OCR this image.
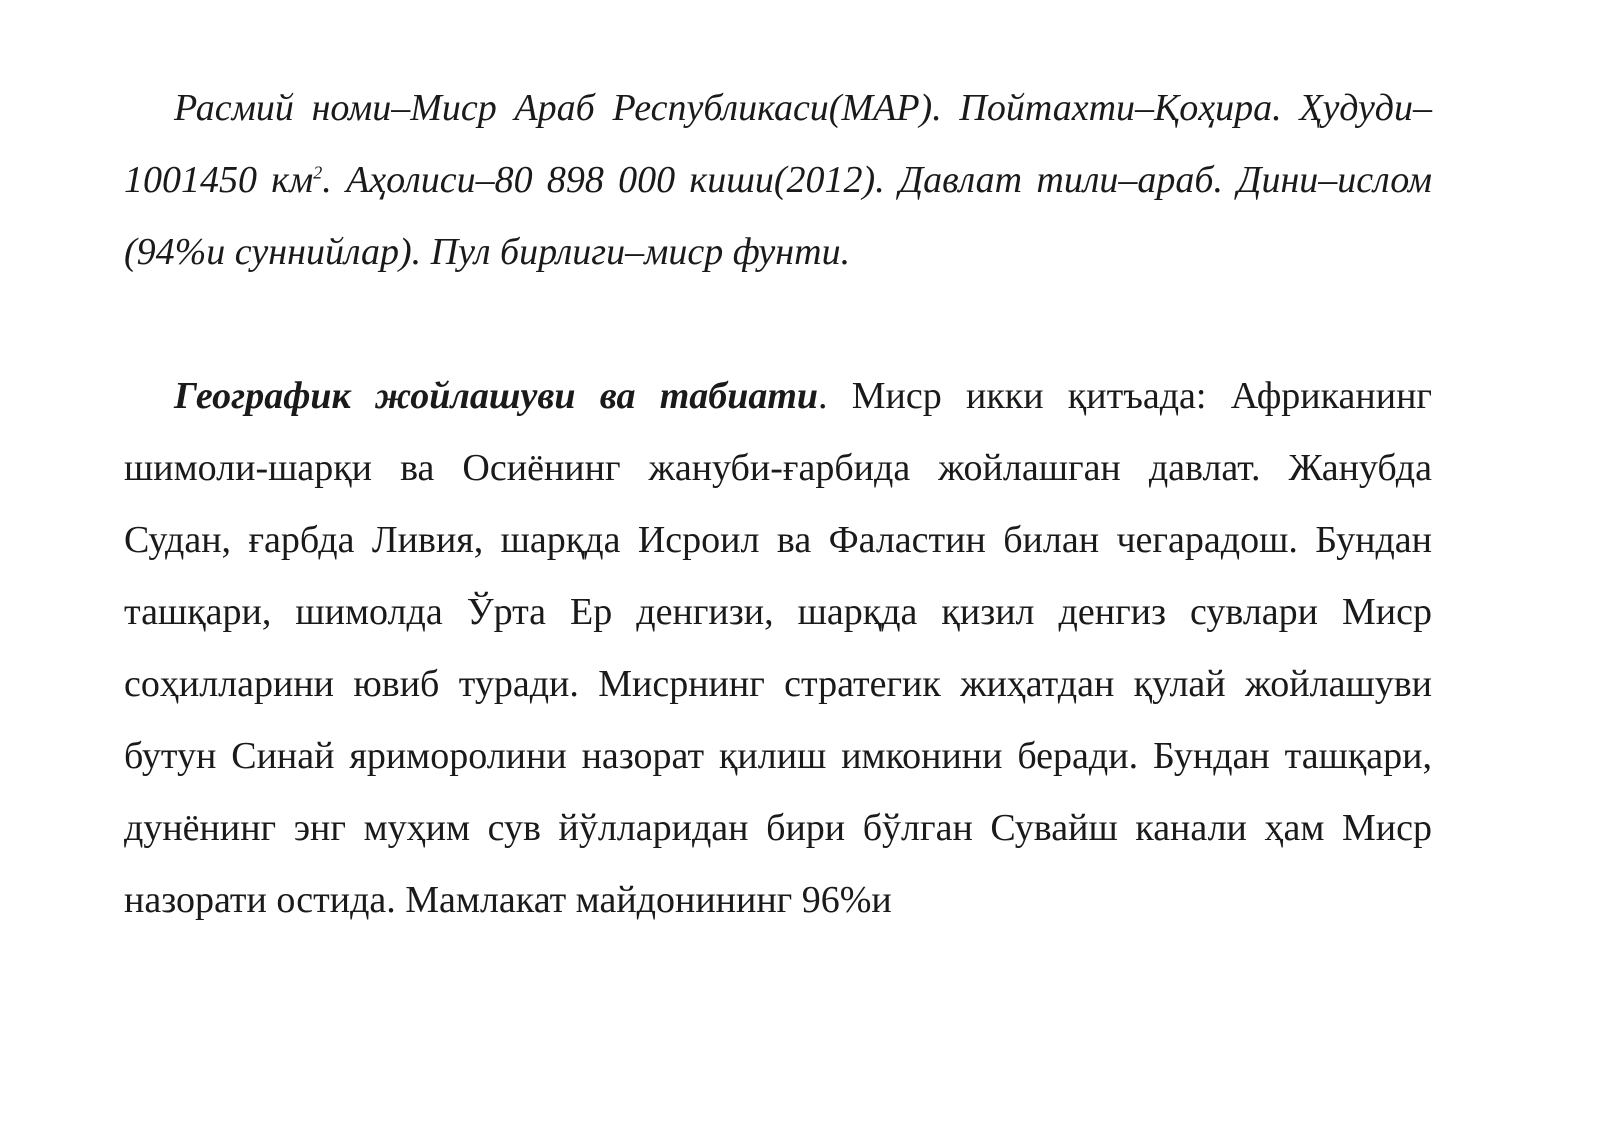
Расмий номи–Миср Араб Республикаси(МАР). Пойтахти–Қоҳира. Ҳудуди–1001450 $км^2$. Аҳолиси–80 898 000 киши(2012). Давлат тили–араб. Дини–ислом (94%и суннийлар). Пул бирлиги–миср фунти.

Географик жойлашуви ва табиати. Миср икки қитъада: Африканинг шимоли-шарқи ва Осиёнинг жануби-ғарбида жойлашган давлат. Жанубда Судан, ғарбда Ливия, шарқда Исроил ва Фаластин билан чегарадош. Бундан ташқари, шимолда Ўрта Ер денгизи, шарқда қизил денгиз сувлари Миср соҳилларини ювиб туради. Мисрнинг стратегик жиҳатдан қулай жойлашуви бутун Синай яриморолини назорат қилиш имконини беради. Бундан ташқари, дунёнинг энг муҳим сув йўлларидан бири бўлган Сувайш канали ҳам Миср назорати остида. Мамлакат майдонининг 96%и
